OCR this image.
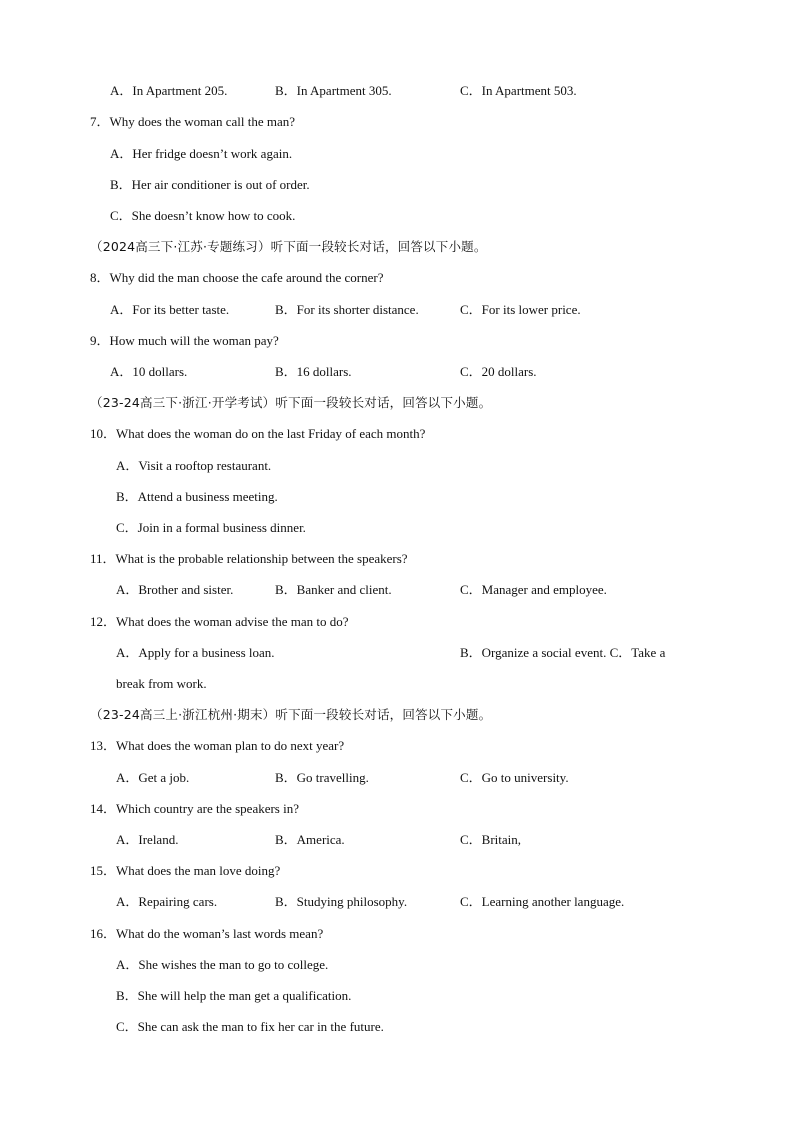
A．In Apartment 205.	B．In Apartment 305.	C．In Apartment 503.
7．Why does the woman call the man?
A．Her fridge doesn’t work again.
B．Her air conditioner is out of order.
C．She doesn’t know how to cook.
（2024高三下·江苏·专题练习）听下面一段较长对话，回答以下小题。
8．Why did the man choose the cafe around the corner?
A．For its better taste.	B．For its shorter distance.	C．For its lower price.
9．How much will the woman pay?
A．10 dollars.	B．16 dollars.	C．20 dollars.
（23-24高三下·浙江·开学考试）听下面一段较长对话，回答以下小题。
10．What does the woman do on the last Friday of each month?
A．Visit a rooftop restaurant.
B．Attend a business meeting.
C．Join in a formal business dinner.
11．What is the probable relationship between the speakers?
A．Brother and sister.	B．Banker and client.	C．Manager and employee.
12．What does the woman advise the man to do?
A．Apply for a business loan.	B．Organize a social event. C．Take a
break from work.
（23-24高三上·浙江杭州·期末）听下面一段较长对话，回答以下小题。
13．What does the woman plan to do next year?
A．Get a job.	B．Go travelling.	C．Go to university.
14．Which country are the speakers in?
A．Ireland.	B．America.	C．Britain,
15．What does the man love doing?
A．Repairing cars.	B．Studying philosophy.	C．Learning another language.
16．What do the woman’s last words mean?
A．She wishes the man to go to college.
B．She will help the man get a qualification.
C．She can ask the man to fix her car in the future.
